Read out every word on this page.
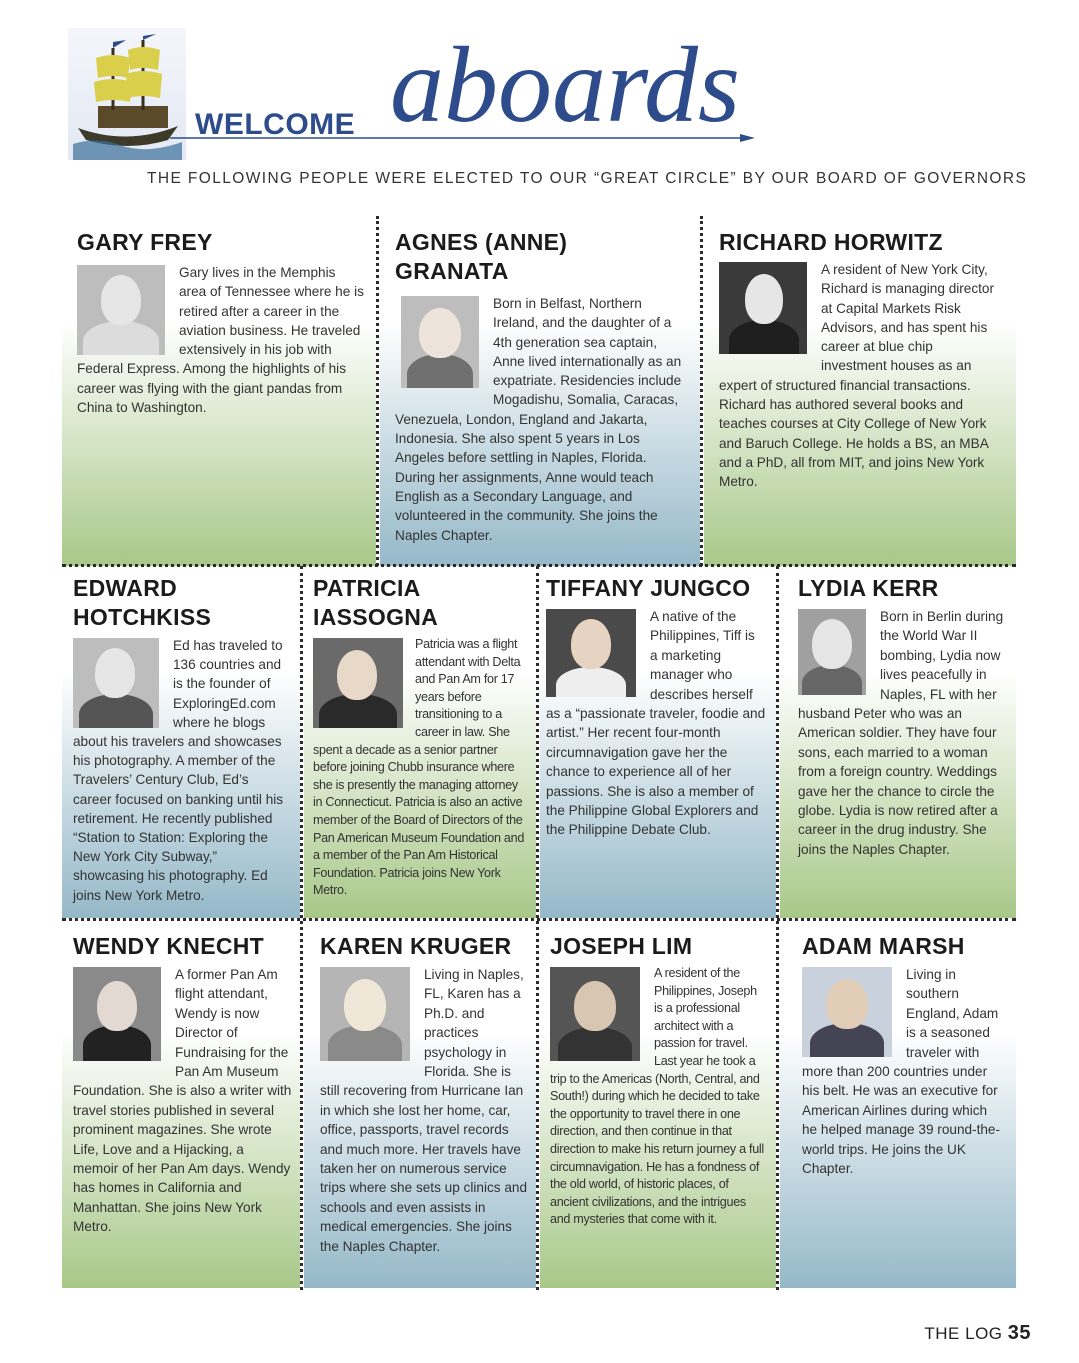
WELCOME aboards
THE FOLLOWING PEOPLE WERE ELECTED TO OUR “GREAT CIRCLE” BY OUR BOARD OF GOVERNORS
GARY FREY
Gary lives in the Memphis area of Tennessee where he is retired after a career in the aviation business. He traveled extensively in his job with Federal Express. Among the highlights of his career was flying with the giant pandas from China to Washington.
AGNES (ANNE) GRANATA
Born in Belfast, Northern Ireland, and the daughter of a 4th generation sea captain, Anne lived internationally as an expatriate. Residencies include Mogadishu, Somalia, Caracas, Venezuela, London, England and Jakarta, Indonesia. She also spent 5 years in Los Angeles before settling in Naples, Florida. During her assignments, Anne would teach English as a Secondary Language, and volunteered in the community. She joins the Naples Chapter.
RICHARD HORWITZ
A resident of New York City, Richard is managing director at Capital Markets Risk Advisors, and has spent his career at blue chip investment houses as an expert of structured financial transactions. Richard has authored several books and teaches courses at City College of New York and Baruch College. He holds a BS, an MBA and a PhD, all from MIT, and joins New York Metro.
EDWARD HOTCHKISS
Ed has traveled to 136 countries and is the founder of ExploringEd.com where he blogs about his travelers and showcases his photography. A member of the Travelers’ Century Club, Ed’s career focused on banking until his retirement. He recently published “Station to Station: Exploring the New York City Subway,” showcasing his photography. Ed joins New York Metro.
PATRICIA IASSOGNA
Patricia was a flight attendant with Delta and Pan Am for 17 years before transitioning to a career in law. She spent a decade as a senior partner before joining Chubb insurance where she is presently the managing attorney in Connecticut. Patricia is also an active member of the Board of Directors of the Pan American Museum Foundation and a member of the Pan Am Historical Foundation. Patricia joins New York Metro.
TIFFANY JUNGCO
A native of the Philippines, Tiff is a marketing manager who describes herself as a “passionate traveler, foodie and artist.” Her recent four-month circumnavigation gave her the chance to experience all of her passions. She is also a member of the Philippine Global Explorers and the Philippine Debate Club.
LYDIA KERR
Born in Berlin during the World War II bombing, Lydia now lives peacefully in Naples, FL with her husband Peter who was an American soldier. They have four sons, each married to a woman from a foreign country. Weddings gave her the chance to circle the globe. Lydia is now retired after a career in the drug industry. She joins the Naples Chapter.
WENDY KNECHT
A former Pan Am flight attendant, Wendy is now Director of Fundraising for the Pan Am Museum Foundation. She is also a writer with travel stories published in several prominent magazines. She wrote Life, Love and a Hijacking, a memoir of her Pan Am days. Wendy has homes in California and Manhattan. She joins New York Metro.
KAREN KRUGER
Living in Naples, FL, Karen has a Ph.D. and practices psychology in Florida. She is still recovering from Hurricane Ian in which she lost her home, car, office, passports, travel records and much more. Her travels have taken her on numerous service trips where she sets up clinics and schools and even assists in medical emergencies. She joins the Naples Chapter.
JOSEPH LIM
A resident of the Philippines, Joseph is a professional architect with a passion for travel. Last year he took a trip to the Americas (North, Central, and South!) during which he decided to take the opportunity to travel there in one direction, and then continue in that direction to make his return journey a full circumnavigation. He has a fondness of the old world, of historic places, of ancient civilizations, and the intrigues and mysteries that come with it.
ADAM MARSH
Living in southern England, Adam is a seasoned traveler with more than 200 countries under his belt. He was an executive for American Airlines during which he helped manage 39 round-the-world trips. He joins the UK Chapter.
THE LOG 35
